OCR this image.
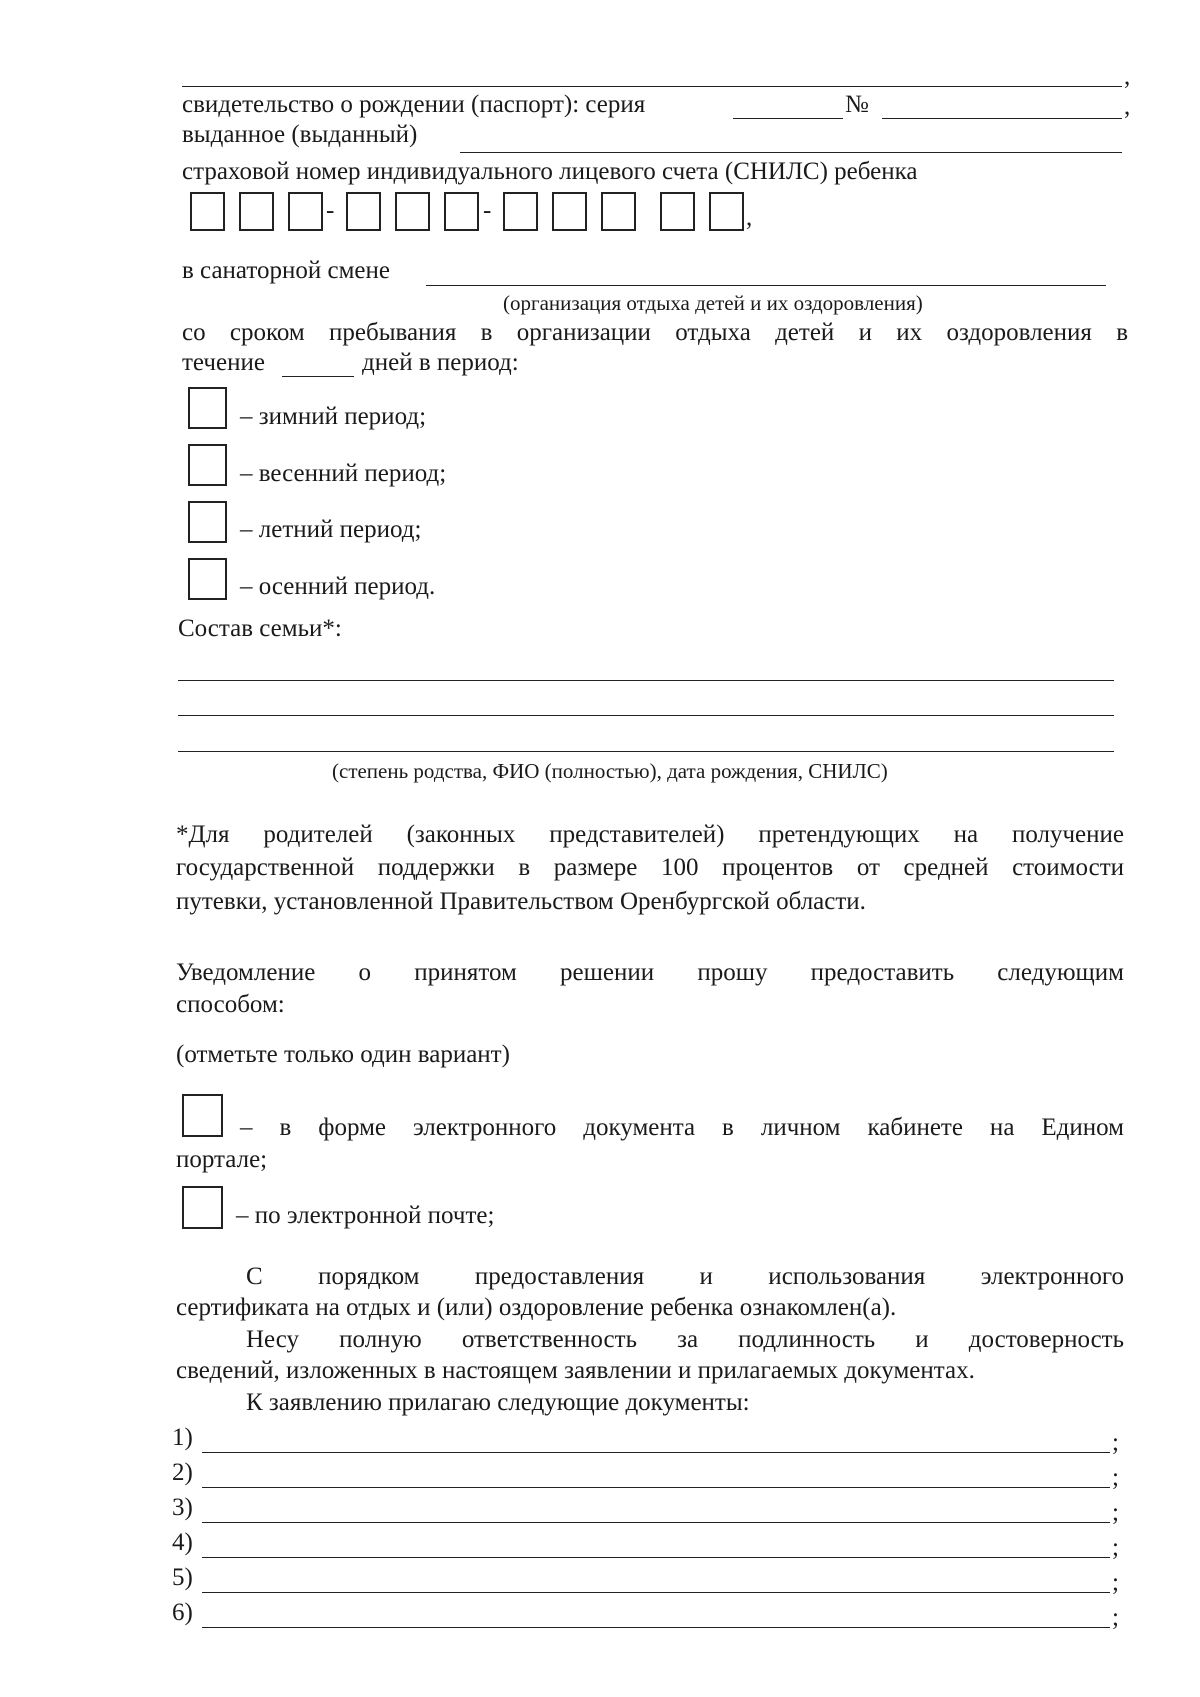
,
свидетельство о рождении (паспорт): серия	№	,
выданное (выданный)
страховой номер индивидуального лицевого счета (СНИЛС) ребенка
-	-	,
в санаторной смене
(организация отдыха детей и их оздоровления)
со сроком пребывания в организации отдыха детей и их оздоровления в
течение	дней в период:
– зимний период;
– весенний период;
– летний период;
– осенний период.
Состав семьи*:
(степень родства, ФИО (полностью), дата рождения, СНИЛС)
*Для родителей (законных представителей) претендующих на получение
государственной поддержки в размере 100 процентов от средней стоимости
путевки, установленной Правительством Оренбургской области.
Уведомление о принятом решении прошу предоставить следующим
способом:
(отметьте только один вариант)
– в форме электронного документа в личном кабинете на Едином
портале;
– по электронной почте;
С порядком предоставления и использования электронного
сертификата на отдых и (или) оздоровление ребенка ознакомлен(а).
Несу полную ответственность за подлинность и достоверность
сведений, изложенных в настоящем заявлении и прилагаемых документах.
К заявлению прилагаю следующие документы:
1)	;
2)	;
3)	;
4)	;
5)	;
6)	;
